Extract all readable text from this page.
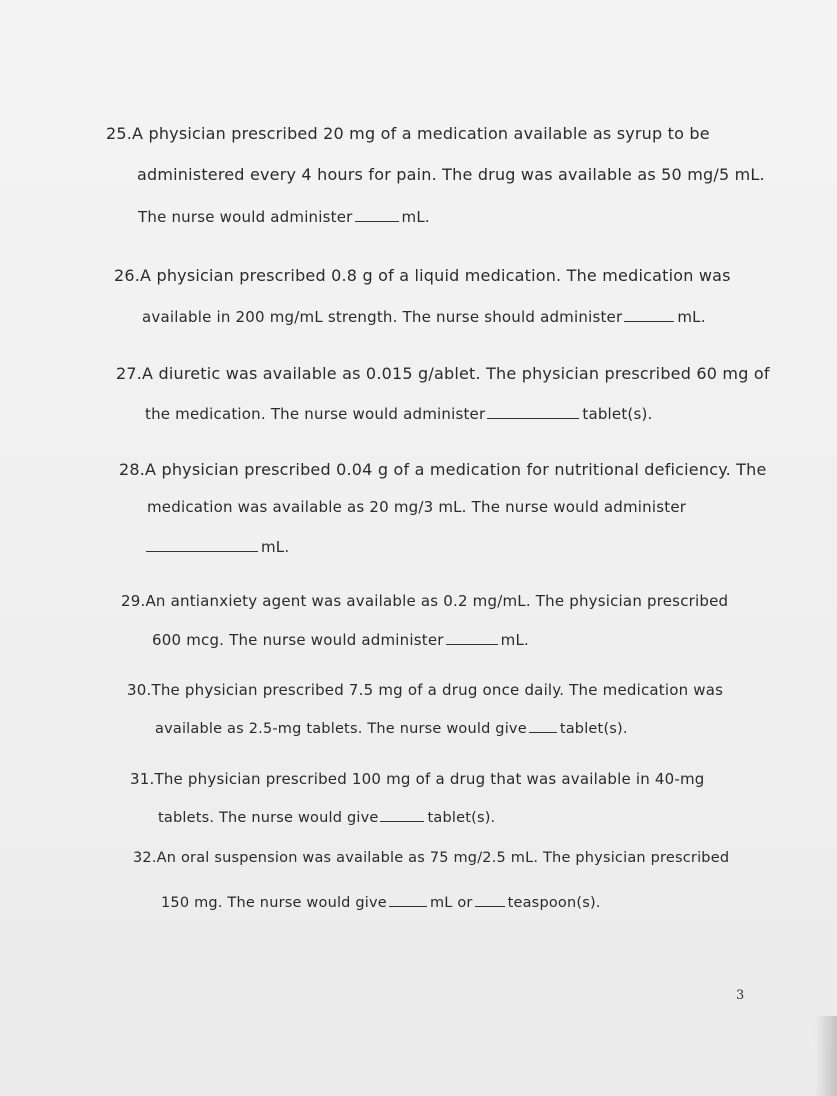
25.A physician prescribed 20 mg of a medication available as syrup to be
administered every 4 hours for pain. The drug was available as 50 mg/5 mL.
The nurse would administer	mL.
26.A physician prescribed 0.8 g of a liquid medication. The medication was
available in 200 mg/mL strength. The nurse should administer	mL.
27.A diuretic was available as 0.015 g/ablet. The physician prescribed 60 mg of
the medication. The nurse would administer	tablet(s).
28.A physician prescribed 0.04 g of a medication for nutritional deficiency. The
medication was available as 20 mg/3 mL. The nurse would administer
mL.
29.An antianxiety agent was available as 0.2 mg/mL. The physician prescribed
600 mcg. The nurse would administer	mL.
30.The physician prescribed 7.5 mg of a drug once daily. The medication was
available as 2.5-mg tablets. The nurse would give tablet(s).
31.The physician prescribed 100 mg of a drug that was available in 40-mg
tablets. The nurse would give	tablet(s).
32.An oral suspension was available as 75 mg/2.5 mL. The physician prescribed
150 mg. The nurse would give	mL or teaspoon(s).
3
